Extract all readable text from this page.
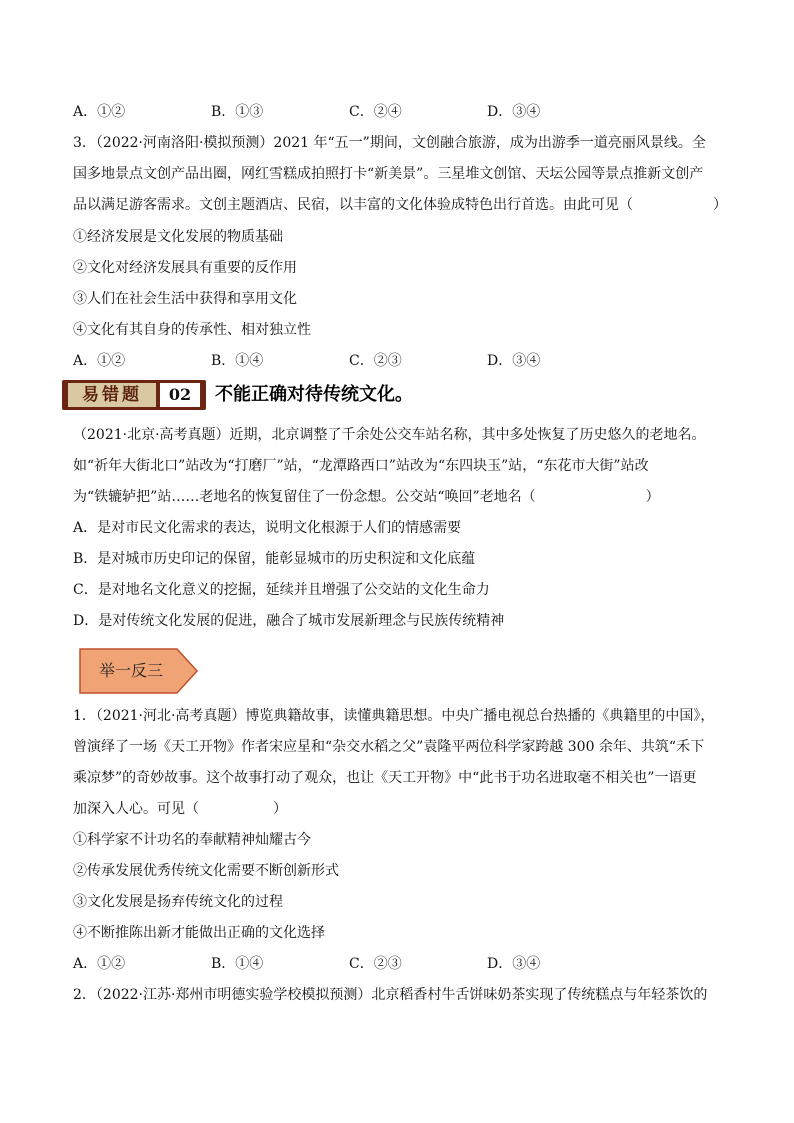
A．①②	B．①③	C．②④	D．③④
3．（2022·河南洛阳·模拟预测）2021 年“五一”期间，文创融合旅游，成为出游季一道亮丽风景线。全
国多地景点文创产品出圈，网红雪糕成拍照打卡“新美景”。三星堆文创馆、天坛公园等景点推新文创产
品以满足游客需求。文创主题酒店、民宿，以丰富的文化体验成特色出行首选。由此可见（	）
①经济发展是文化发展的物质基础
②文化对经济发展具有重要的反作用
③人们在社会生活中获得和享用文化
④文化有其自身的传承性、相对独立性
A．①②	B．①④	C．②③	D．③④
易错题	02	不能正确对待传统文化。
（2021·北京·高考真题）近期，北京调整了千余处公交车站名称，其中多处恢复了历史悠久的老地名。
如“祈年大街北口”站改为“打磨厂”站，“龙潭路西口”站改为“东四块玉”站，“东花市大街”站改
为“铁辘轳把”站……老地名的恢复留住了一份念想。公交站“唤回”老地名（	）
A．是对市民文化需求的表达，说明文化根源于人们的情感需要
B．是对城市历史印记的保留，能彰显城市的历史积淀和文化底蕴
C．是对地名文化意义的挖掘，延续并且增强了公交站的文化生命力
D．是对传统文化发展的促进，融合了城市发展新理念与民族传统精神
举一反三
1．（2021·河北·高考真题）博览典籍故事，读懂典籍思想。中央广播电视总台热播的《典籍里的中国》，
曾演绎了一场《天工开物》作者宋应星和“杂交水稻之父”袁隆平两位科学家跨越 300 余年、共筑“禾下
乘凉梦”的奇妙故事。这个故事打动了观众，也让《天工开物》中“此书于功名进取毫不相关也”一语更
加深入人心。可见（	）
①科学家不计功名的奉献精神灿耀古今
②传承发展优秀传统文化需要不断创新形式
③文化发展是扬弃传统文化的过程
④不断推陈出新才能做出正确的文化选择
A．①②	B．①④	C．②③	D．③④
2．（2022·江苏·郑州市明德实验学校模拟预测）北京稻香村牛舌饼味奶茶实现了传统糕点与年轻茶饮的
